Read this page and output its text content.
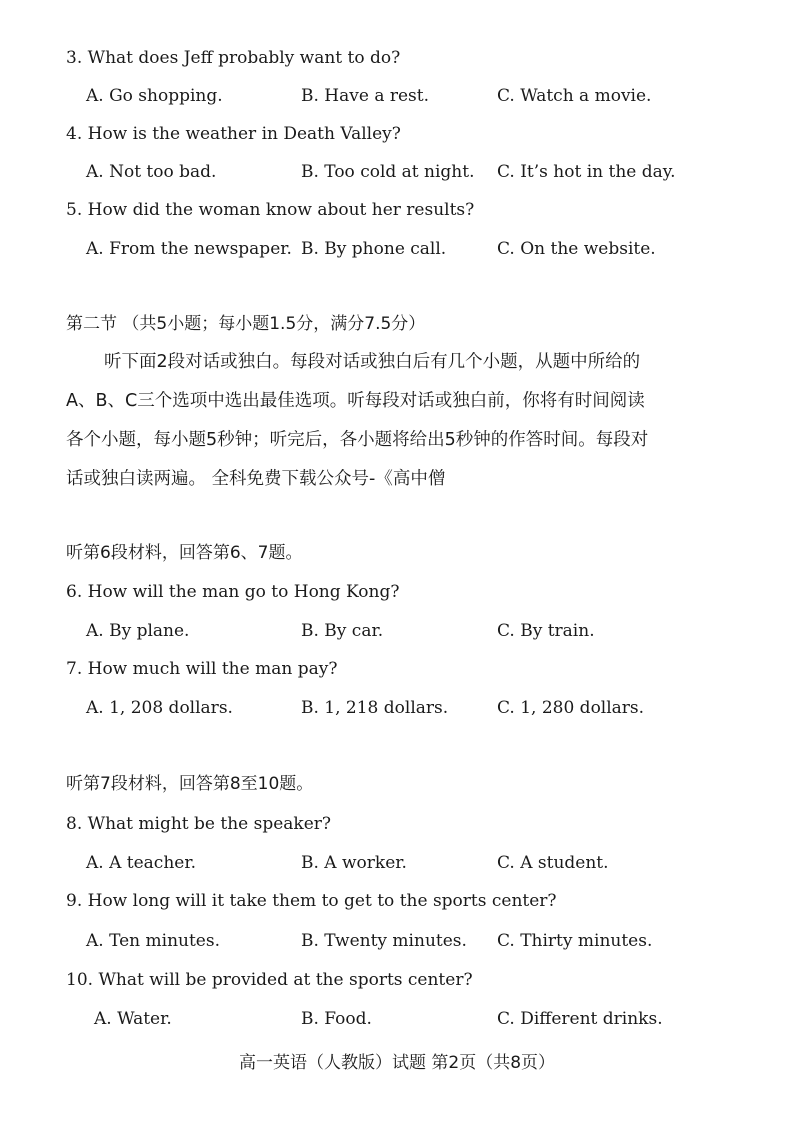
3. What does Jeff probably want to do?
A. Go shopping.	B. Have a rest.	C. Watch a movie.
4. How is the weather in Death Valley?
A. Not too bad.	B. Too cold at night. C. It’s hot in the day.
5. How did the woman know about her results?
A. From the newspaper. B. By phone call.	C. On the website.
第二节 （共5小题；每小题1.5分，满分7.5分）
听下面2段对话或独白。每段对话或独白后有几个小题，从题中所给的
A、B、C三个选项中选出最佳选项。听每段对话或独白前，你将有时间阅读
各个小题，每小题5秒钟；听完后，各小题将给出5秒钟的作答时间。每段对
话或独白读两遍。 全科免费下载公众号-《高中僧
听第6段材料，回答第6、7题。
6. How will the man go to Hong Kong?
A. By plane.	B. By car.	C. By train.
7. How much will the man pay?
A. 1, 208 dollars.	B. 1, 218 dollars.	C. 1, 280 dollars.
听第7段材料，回答第8至10题。
8. What might be the speaker?
A. A teacher.	B. A worker.	C. A student.
9. How long will it take them to get to the sports center?
A. Ten minutes.	B. Twenty minutes. C. Thirty minutes.
10. What will be provided at the sports center?
A. Water.	B. Food.	C. Different drinks.
高一英语（人教版）试题 第2页（共8页）
